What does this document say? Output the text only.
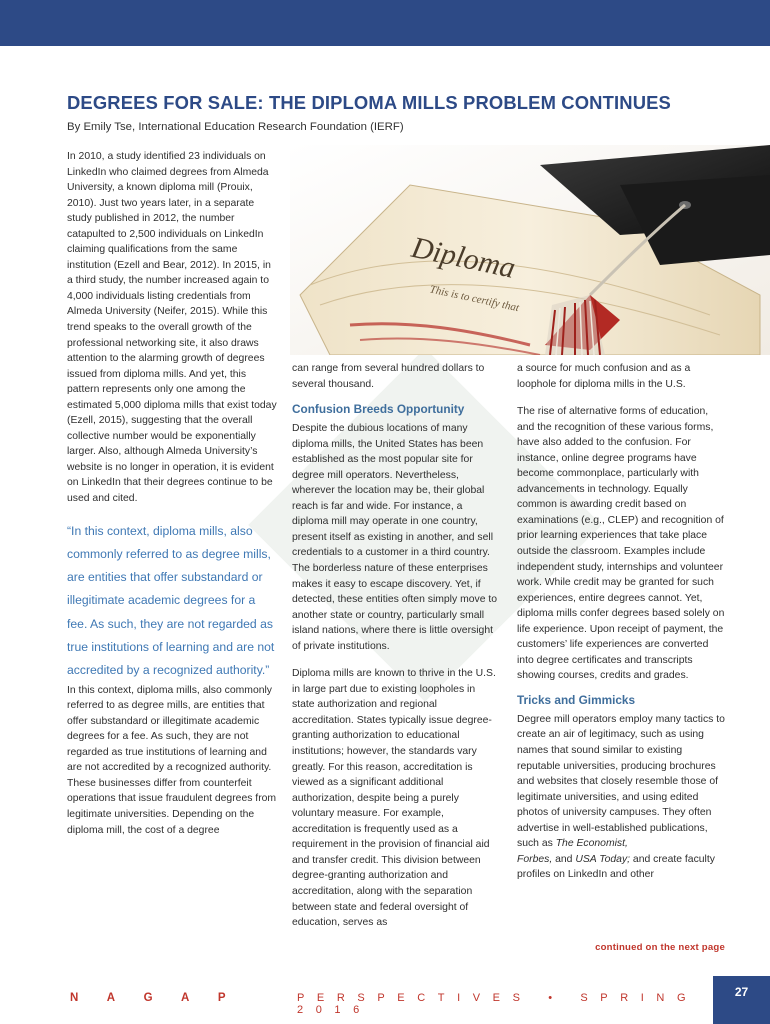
DEGREES FOR SALE: THE DIPLOMA MILLS PROBLEM CONTINUES
By Emily Tse, International Education Research Foundation (IERF)
Diploma
This is to certify that

In 2010, a study identified 23 individuals on LinkedIn who claimed degrees from Almeda University, a known diploma mill (Prouix, 2010). Just two years later, in a separate study published in 2012, the number catapulted to 2,500 individuals on LinkedIn claiming qualifications from the same institution (Ezell and Bear, 2012). In 2015, in a third study, the number increased again to 4,000 individuals listing credentials from Almeda University (Neifer, 2015). While this trend speaks to the overall growth of the professional networking site, it also draws attention to the alarming growth of degrees issued from diploma mills. And yet, this pattern represents only one among the estimated 5,000 diploma mills that exist today (Ezell, 2015), suggesting that the overall collective number would be exponentially larger. Also, although Almeda University’s website is no longer in operation, it is evident on LinkedIn that their degrees continue to be used and cited.

“In this context, diploma mills, also commonly referred to as degree mills, are entities that offer substandard or illegitimate academic degrees for a fee. As such, they are not regarded as true institutions of learning and are not accredited by a recognized authority.”

In this context, diploma mills, also commonly referred to as degree mills, are entities that offer substandard or illegitimate academic degrees for a fee. As such, they are not regarded as true institutions of learning and are not accredited by a recognized authority. These businesses differ from counterfeit operations that issue fraudulent degrees from legitimate universities. Depending on the diploma mill, the cost of a degree

can range from several hundred dollars to several thousand.

Confusion Breeds Opportunity

Despite the dubious locations of many diploma mills, the United States has been established as the most popular site for degree mill operators. Nevertheless, wherever the location may be, their global reach is far and wide. For instance, a diploma mill may operate in one country, present itself as existing in another, and sell credentials to a customer in a third country. The borderless nature of these enterprises makes it easy to escape discovery. Yet, if detected, these entities often simply move to another state or country, particularly small island nations, where there is little oversight of private institutions.

Diploma mills are known to thrive in the U.S. in large part due to existing loopholes in state authorization and regional accreditation. States typically issue degree-granting authorization to educational institutions; however, the standards vary greatly. For this reason, accreditation is viewed as a significant additional authorization, despite being a purely voluntary measure. For example, accreditation is frequently used as a requirement in the provision of financial aid and transfer credit. This division between degree-granting authorization and accreditation, along with the separation between state and federal oversight of education, serves as

a source for much confusion and as a loophole for diploma mills in the U.S.

The rise of alternative forms of education, and the recognition of these various forms, have also added to the confusion. For instance, online degree programs have become commonplace, particularly with advancements in technology. Equally common is awarding credit based on examinations (e.g., CLEP) and recognition of prior learning experiences that take place outside the classroom. Examples include independent study, internships and volunteer work. While credit may be granted for such experiences, entire degrees cannot. Yet, diploma mills confer degrees based solely on life experience. Upon receipt of payment, the customers’ life experiences are converted into degree certificates and transcripts showing courses, credits and grades.

Tricks and Gimmicks

Degree mill operators employ many tactics to create an air of legitimacy, such as using names that sound similar to existing reputable universities, producing brochures and websites that closely resemble those of legitimate universities, and using edited photos of university campuses. They often advertise in well-established publications, such as The Economist,
Forbes, and USA Today; and create faculty profiles on LinkedIn and other

continued on the next page
NAGAP	PERSPECTIVES • SPRING 2016
27
